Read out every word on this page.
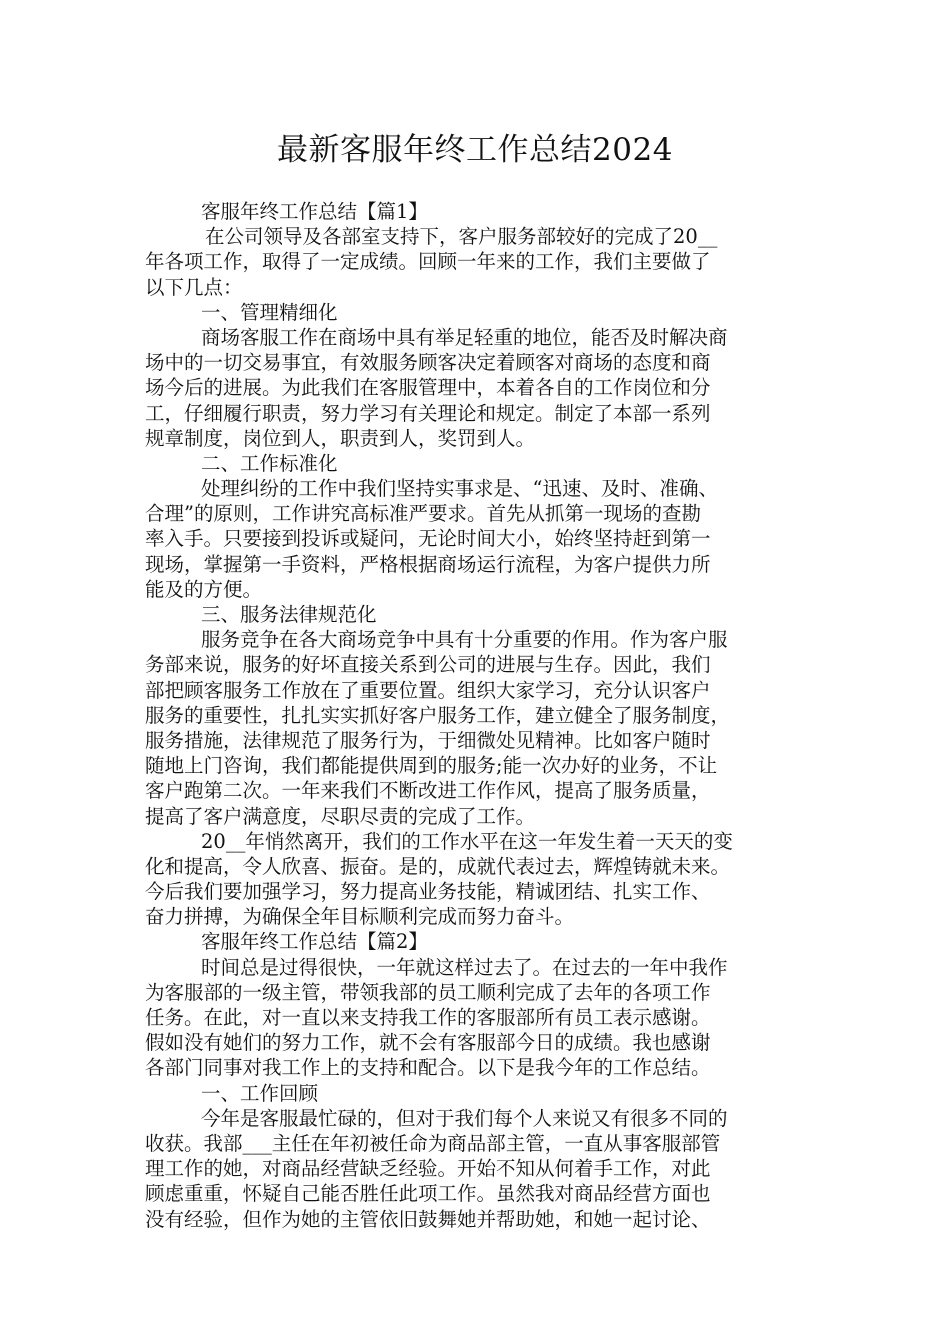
最新客服年终工作总结2024
客服年终工作总结【篇1】
在公司领导及各部室支持下，客户服务部较好的完成了20__
年各项工作，取得了一定成绩。回顾一年来的工作，我们主要做了
以下几点：
一、管理精细化
商场客服工作在商场中具有举足轻重的地位，能否及时解决商
场中的一切交易事宜，有效服务顾客决定着顾客对商场的态度和商
场今后的进展。为此我们在客服管理中，本着各自的工作岗位和分
工，仔细履行职责，努力学习有关理论和规定。制定了本部一系列
规章制度，岗位到人，职责到人，奖罚到人。
二、工作标准化
处理纠纷的工作中我们坚持实事求是、“迅速、及时、准确、
合理”的原则，工作讲究高标准严要求。首先从抓第一现场的查勘
率入手。只要接到投诉或疑问，无论时间大小，始终坚持赶到第一
现场，掌握第一手资料，严格根据商场运行流程，为客户提供力所
能及的方便。
三、服务法律规范化
服务竞争在各大商场竞争中具有十分重要的作用。作为客户服
务部来说，服务的好坏直接关系到公司的进展与生存。因此，我们
部把顾客服务工作放在了重要位置。组织大家学习，充分认识客户
服务的重要性，扎扎实实抓好客户服务工作，建立健全了服务制度，
服务措施，法律规范了服务行为，于细微处见精神。比如客户随时
随地上门咨询，我们都能提供周到的服务;能一次办好的业务，不让
客户跑第二次。一年来我们不断改进工作作风，提高了服务质量，
提高了客户满意度，尽职尽责的完成了工作。
20__年悄然离开，我们的工作水平在这一年发生着一天天的变
化和提高，令人欣喜、振奋。是的，成就代表过去，辉煌铸就未来。
今后我们要加强学习，努力提高业务技能，精诚团结、扎实工作、
奋力拼搏，为确保全年目标顺利完成而努力奋斗。
客服年终工作总结【篇2】
时间总是过得很快，一年就这样过去了。在过去的一年中我作
为客服部的一级主管，带领我部的员工顺利完成了去年的各项工作
任务。在此，对一直以来支持我工作的客服部所有员工表示感谢。
假如没有她们的努力工作，就不会有客服部今日的成绩。我也感谢
各部门同事对我工作上的支持和配合。以下是我今年的工作总结。
一、工作回顾
今年是客服最忙碌的，但对于我们每个人来说又有很多不同的
收获。我部___主任在年初被任命为商品部主管，一直从事客服部管
理工作的她，对商品经营缺乏经验。开始不知从何着手工作，对此
顾虑重重，怀疑自己能否胜任此项工作。虽然我对商品经营方面也
没有经验，但作为她的主管依旧鼓舞她并帮助她，和她一起讨论、
